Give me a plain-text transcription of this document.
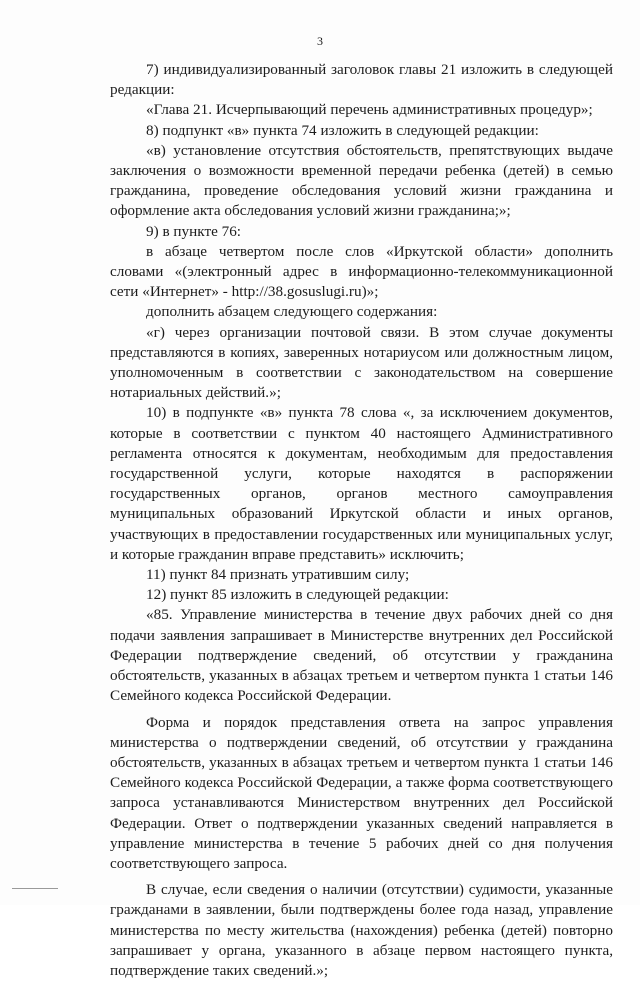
3

7) индивидуализированный заголовок главы 21 изложить в следующей редакции:

«Глава 21. Исчерпывающий перечень административных процедур»;

8) подпункт «в» пункта 74 изложить в следующей редакции:

«в) установление отсутствия обстоятельств, препятствующих выдаче заключения о возможности временной передачи ребенка (детей) в семью гражданина, проведение обследования условий жизни гражданина и оформление акта обследования условий жизни гражданина;»;

9) в пункте 76:

в абзаце четвертом после слов «Иркутской области» дополнить словами «(электронный адрес в информационно-телекоммуникационной сети «Интернет» - http://38.gosuslugi.ru)»;

дополнить абзацем следующего содержания:

«г) через организации почтовой связи. В этом случае документы представляются в копиях, заверенных нотариусом или должностным лицом, уполномоченным в соответствии с законодательством на совершение нотариальных действий.»;

10) в подпункте «в» пункта 78 слова «, за исключением документов, которые в соответствии с пунктом 40 настоящего Административного регламента относятся к документам, необходимым для предоставления государственной услуги, которые находятся в распоряжении государственных органов, органов местного самоуправления муниципальных образований Иркутской области и иных органов, участвующих в предоставлении государственных или муниципальных услуг, и которые гражданин вправе представить» исключить;

11) пункт 84 признать утратившим силу;

12) пункт 85 изложить в следующей редакции:

«85. Управление министерства в течение двух рабочих дней со дня подачи заявления запрашивает в Министерстве внутренних дел Российской Федерации подтверждение сведений, об отсутствии у гражданина обстоятельств, указанных в абзацах третьем и четвертом пункта 1 статьи 146 Семейного кодекса Российской Федерации.

Форма и порядок представления ответа на запрос управления министерства о подтверждении сведений, об отсутствии у гражданина обстоятельств, указанных в абзацах третьем и четвертом пункта 1 статьи 146 Семейного кодекса Российской Федерации, а также форма соответствующего запроса устанавливаются Министерством внутренних дел Российской Федерации. Ответ о подтверждении указанных сведений направляется в управление министерства в течение 5 рабочих дней со дня получения соответствующего запроса.

В случае, если сведения о наличии (отсутствии) судимости, указанные гражданами в заявлении, были подтверждены более года назад, управление министерства по месту жительства (нахождения) ребенка (детей) повторно запрашивает у органа, указанного в абзаце первом настоящего пункта, подтверждение таких сведений.»;
